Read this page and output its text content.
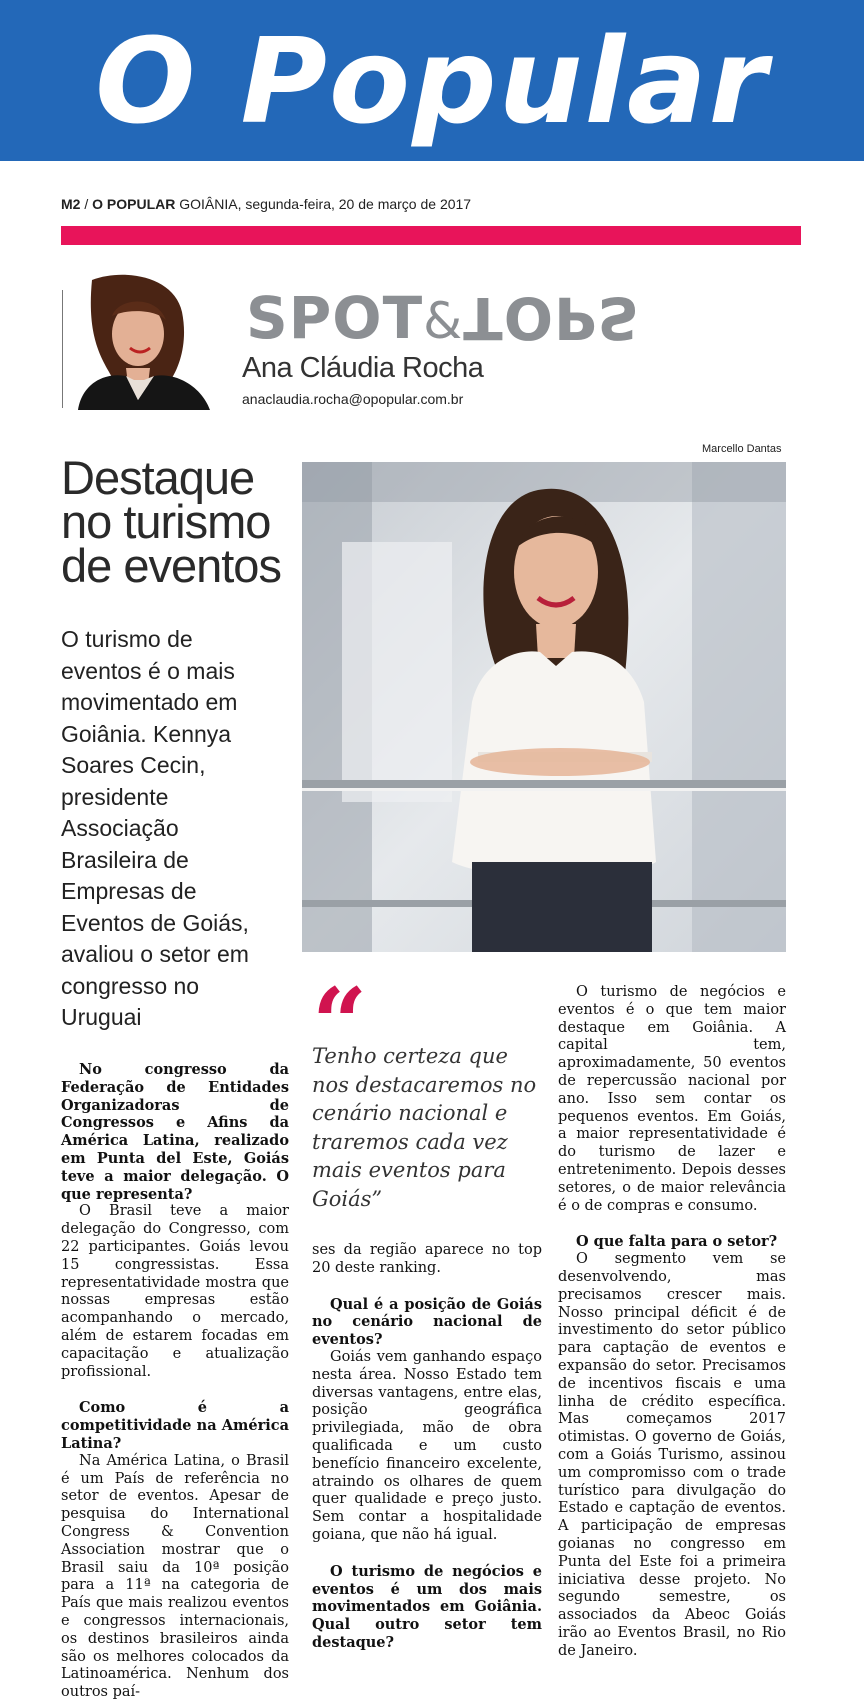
O Popular
M2 / O POPULAR GOIÂNIA, segunda-feira, 20 de março de 2017
SPOT&TOPS
Ana Cláudia Rocha
anaclaudia.rocha@opopular.com.br
Marcello Dantas
Destaque
no turismo
de eventos
O turismo de
eventos é o mais
movimentado em
Goiânia. Kennya
Soares Cecin,
presidente
Associação
Brasileira de
Empresas de
Eventos de Goiás,
avaliou o setor em
congresso no
Uruguai

No congresso da Federação de Entidades Organizadoras de Congressos e Afins da América Latina, realizado em Punta del Este, Goiás teve a maior delegação. O que representa?

O Brasil teve a maior delegação do Congresso, com 22 participantes. Goiás levou 15 congressistas. Essa representatividade mostra que nossas empresas estão acompanhando o mercado, além de estarem focadas em capacitação e atualização profissional.

Como é a competitividade na América Latina?

Na América Latina, o Brasil é um País de referência no setor de eventos. Apesar de pesquisa do International Congress & Convention Association mostrar que o Brasil saiu da 10ª posição para a 11ª na categoria de País que mais realizou eventos e congressos internacionais, os destinos brasileiros ainda são os melhores colocados da Latinoamérica. Nenhum dos outros paí-

“
Tenho certeza que nos destacaremos no cenário nacional e traremos cada vez mais eventos para Goiás”

ses da região aparece no top 20 deste ranking.

Qual é a posição de Goiás no cenário nacional de eventos?

Goiás vem ganhando espaço nesta área. Nosso Estado tem diversas vantagens, entre elas, posição geográfica privilegiada, mão de obra qualificada e um custo benefício financeiro excelente, atraindo os olhares de quem quer qualidade e preço justo. Sem contar a hospitalidade goiana, que não há igual.

O turismo de negócios e eventos é um dos mais movimentados em Goiânia. Qual outro setor tem destaque?

O turismo de negócios e eventos é o que tem maior destaque em Goiânia. A capital tem, aproximadamente, 50 eventos de repercussão nacional por ano. Isso sem contar os pequenos eventos. Em Goiás, a maior representatividade é do turismo de lazer e entretenimento. Depois desses setores, o de maior relevância é o de compras e consumo.

O que falta para o setor?

O segmento vem se desenvolvendo, mas precisamos crescer mais. Nosso principal déficit é de investimento do setor público para captação de eventos e expansão do setor. Precisamos de incentivos fiscais e uma linha de crédito específica. Mas começamos 2017 otimistas. O governo de Goiás, com a Goiás Turismo, assinou um compromisso com o trade turístico para divulgação do Estado e captação de eventos. A participação de empresas goianas no congresso em Punta del Este foi a primeira iniciativa desse projeto. No segundo semestre, os associados da Abeoc Goiás irão ao Eventos Brasil, no Rio de Janeiro.
